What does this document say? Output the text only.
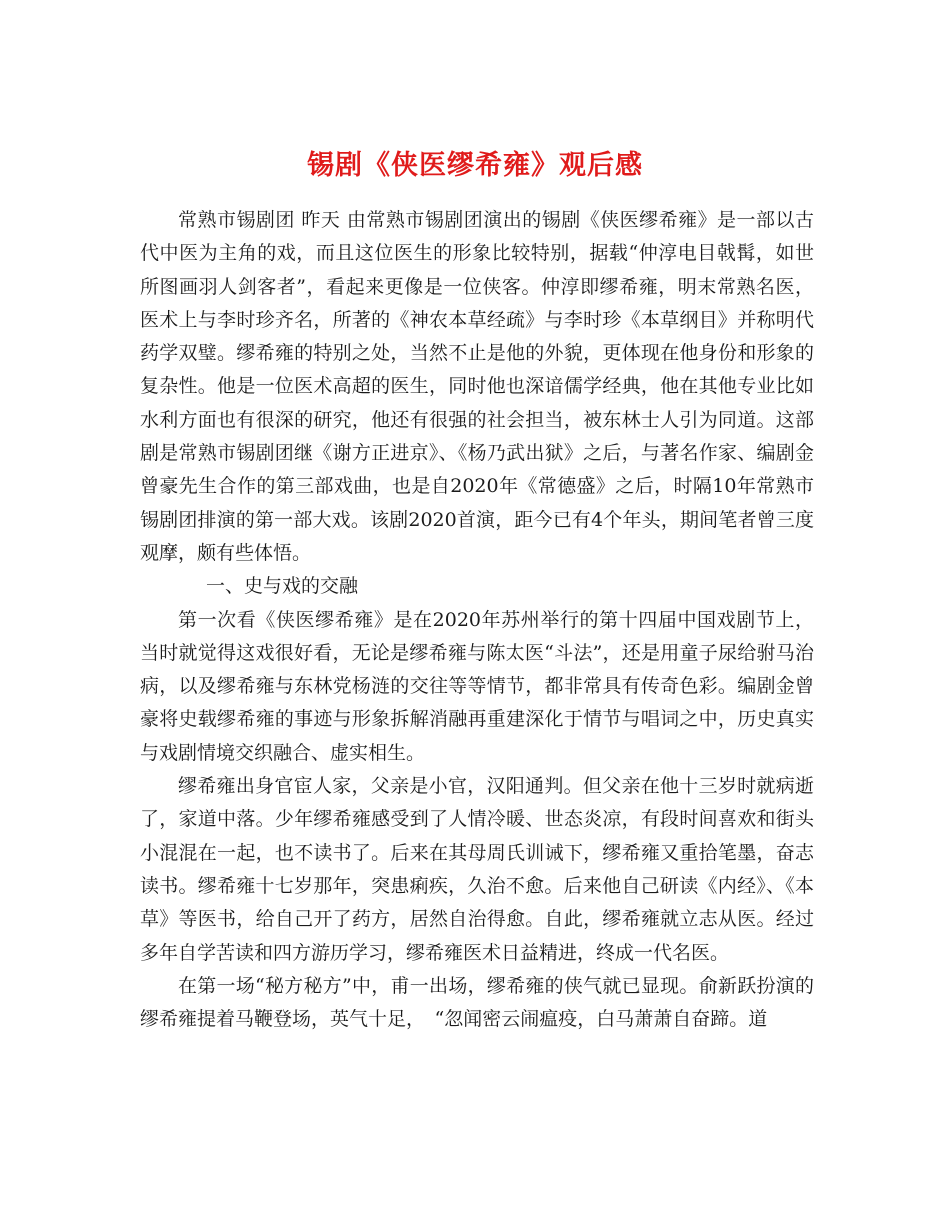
锡剧《侠医缪希雍》观后感

常熟市锡剧团 昨天 由常熟市锡剧团演出的锡剧《侠医缪希雍》是一部以古代中医为主角的戏，而且这位医生的形象比较特别，据载“仲淳电目戟髯，如世所图画羽人剑客者”，看起来更像是一位侠客。仲淳即缪希雍，明末常熟名医，医术上与李时珍齐名，所著的《神农本草经疏》与李时珍《本草纲目》并称明代药学双璧。缪希雍的特别之处，当然不止是他的外貌，更体现在他身份和形象的复杂性。他是一位医术高超的医生，同时他也深谙儒学经典，他在其他专业比如水利方面也有很深的研究，他还有很强的社会担当，被东林士人引为同道。这部剧是常熟市锡剧团继《谢方正进京》、《杨乃武出狱》之后，与著名作家、编剧金曾豪先生合作的第三部戏曲，也是自2020年《常德盛》之后，时隔10年常熟市锡剧团排演的第一部大戏。该剧2020首演，距今已有4个年头，期间笔者曾三度观摩，颇有些体悟。

一、史与戏的交融

第一次看《侠医缪希雍》是在2020年苏州举行的第十四届中国戏剧节上，当时就觉得这戏很好看，无论是缪希雍与陈太医“斗法”，还是用童子尿给驸马治病，以及缪希雍与东林党杨涟的交往等等情节，都非常具有传奇色彩。编剧金曾豪将史载缪希雍的事迹与形象拆解消融再重建深化于情节与唱词之中，历史真实与戏剧情境交织融合、虚实相生。

缪希雍出身官宦人家，父亲是小官，汉阳通判。但父亲在他十三岁时就病逝了，家道中落。少年缪希雍感受到了人情冷暖、世态炎凉，有段时间喜欢和街头小混混在一起，也不读书了。后来在其母周氏训诫下，缪希雍又重拾笔墨，奋志读书。缪希雍十七岁那年，突患痢疾，久治不愈。后来他自己研读《内经》、《本草》等医书，给自己开了药方，居然自治得愈。自此，缪希雍就立志从医。经过多年自学苦读和四方游历学习，缪希雍医术日益精进，终成一代名医。

在第一场“秘方秘方”中，甫一出场，缪希雍的侠气就已显现。俞新跃扮演的缪希雍提着马鞭登场，英气十足，　“忽闻密云闹瘟疫，白马萧萧自奋蹄。道
